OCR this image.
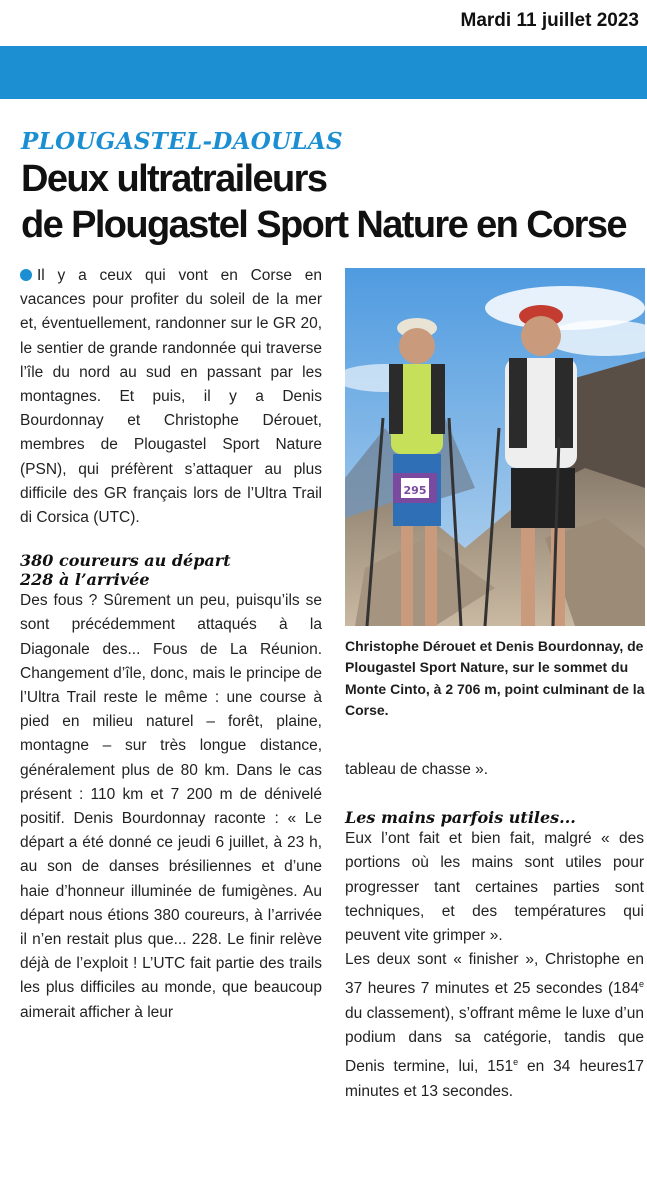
Mardi 11 juillet 2023
PLOUGASTEL-DAOULAS
Deux ultratraileurs
de Plougastel Sport Nature en Corse

Il y a ceux qui vont en Corse en vacances pour profiter du soleil de la mer et, éventuellement, randonner sur le GR 20, le sentier de grande randonnée qui traverse l’île du nord au sud en passant par les montagnes. Et puis, il y a Denis Bourdonnay et Christophe Dérouet, membres de Plougastel Sport Nature (PSN), qui préfèrent s’attaquer au plus difficile des GR français lors de l’Ultra Trail di Corsica (UTC).

380 coureurs au départ
228 à l’arrivée

Des fous ? Sûrement un peu, puisqu’ils se sont précédemment attaqués à la Diagonale des... Fous de La Réunion. Changement d’île, donc, mais le principe de l’Ultra Trail reste le même : une course à pied en milieu naturel – forêt, plaine, montagne – sur très longue distance, généralement plus de 80 km. Dans le cas présent : 110 km et 7 200 m de dénivelé positif. Denis Bourdonnay raconte : « Le départ a été donné ce jeudi 6 juillet, à 23 h, au son de danses brésiliennes et d’une haie d’honneur illuminée de fumigènes. Au départ nous étions 380 coureurs, à l’arrivée il n’en restait plus que... 228. Le finir relève déjà de l’exploit ! L’UTC fait partie des trails les plus difficiles au monde, que beaucoup aimerait afficher à leur

295
Christophe Dérouet et Denis Bourdonnay, de Plougastel Sport Nature, sur le sommet du Monte Cinto, à 2 706 m, point culminant de la Corse.

tableau de chasse ».

Les mains parfois utiles...

Eux l’ont fait et bien fait, malgré « des portions où les mains sont utiles pour progresser tant certaines parties sont techniques, et des températures qui peuvent vite grimper ».

Les deux sont « finisher », Christophe en 37 heures 7 minutes et 25 secondes (184e du classement), s’offrant même le luxe d’un podium dans sa catégorie, tandis que Denis termine, lui, 151e en 34 heures17 minutes et 13 secondes.
